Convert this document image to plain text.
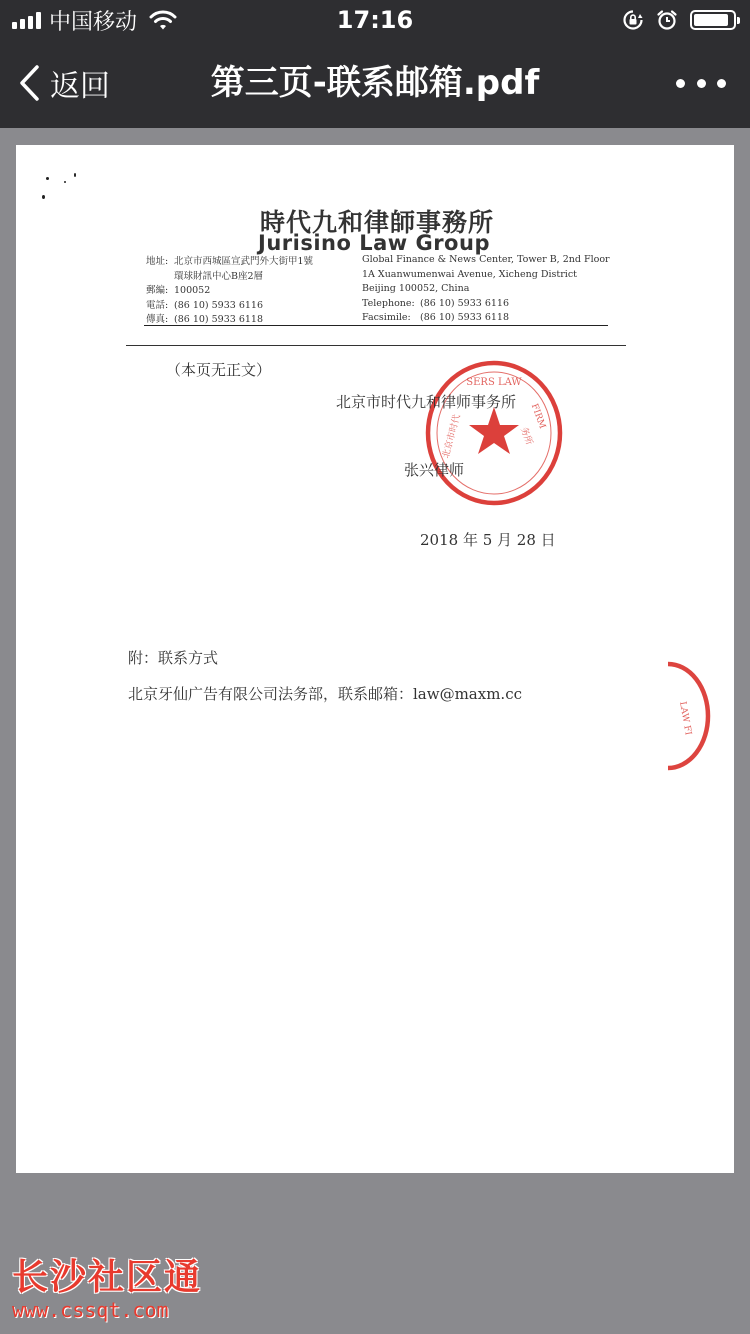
中国移动	17:16
返回	第三页-联系邮箱.pdf
時代九和律師事務所
Jurisino Law Group
地址: 北京市西城區宣武門外大街甲1號
環球財訊中心B座2層
郵編: 100052
電話: (86 10) 5933 6116
傳真: (86 10) 5933 6118
Global Finance & News Center, Tower B, 2nd Floor
1A Xuanwumenwai Avenue, Xicheng District
Beijing 100052, China
Telephone: (86 10) 5933 6116
Facsimile: (86 10) 5933 6118
（本页无正文）
SERS LAW
FIRM
北京市时代	务所
北京市时代九和律师事务所
张兴律师
2018 年 5 月 28 日
附：联系方式
北京牙仙广告有限公司法务部，联系邮箱：law@maxm.cc
LAW FI
长沙社区通
www.cssqt.com
